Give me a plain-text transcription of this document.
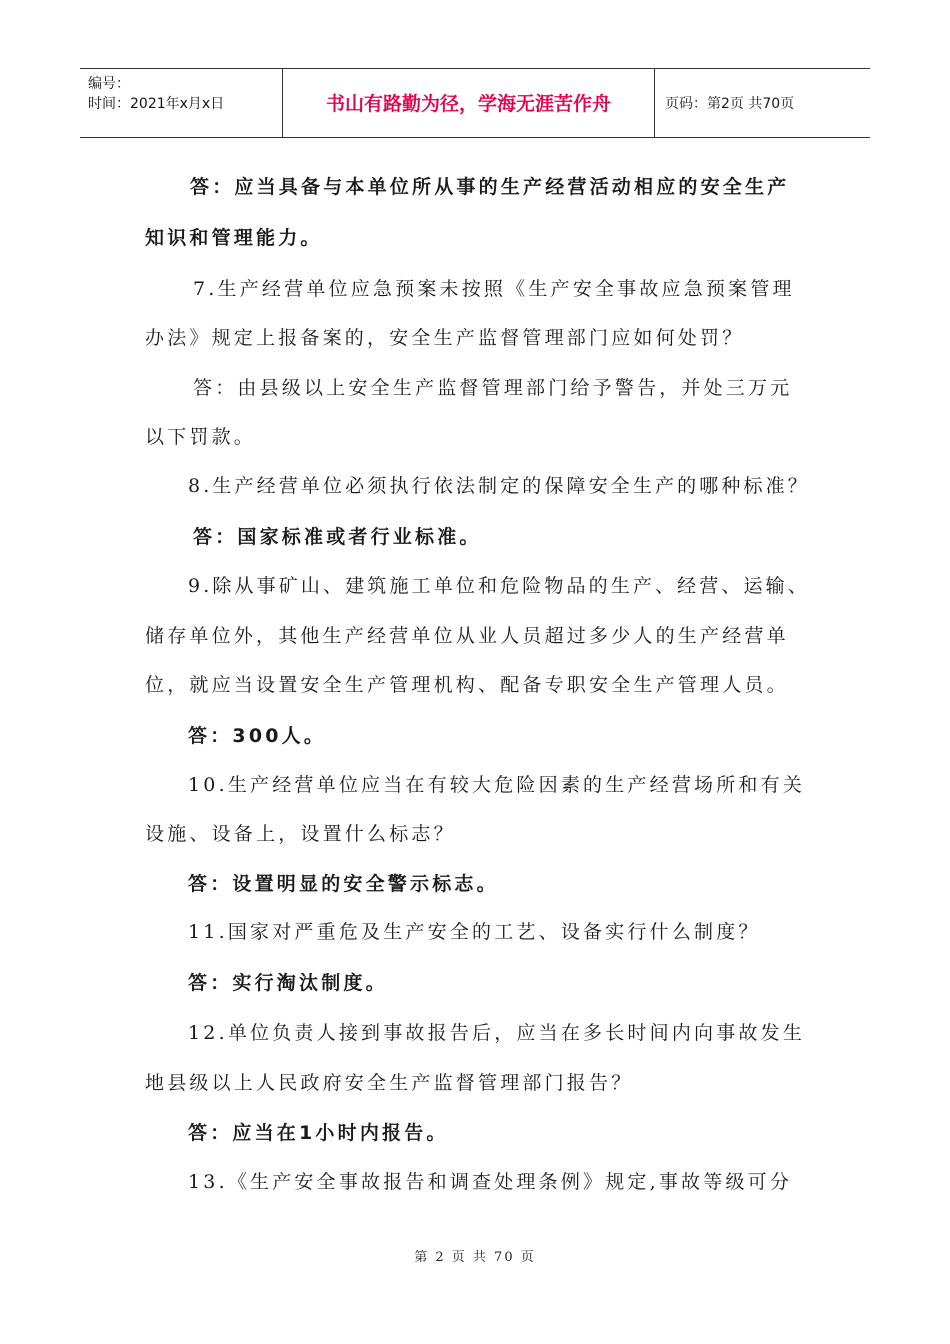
编号：
时间：2021年x月x日	书山有路勤为径，学海无涯苦作舟	页码：第2页 共70页
答：应当具备与本单位所从事的生产经营活动相应的安全生产
知识和管理能力。
7.生产经营单位应急预案未按照《生产安全事故应急预案管理
办法》规定上报备案的，安全生产监督管理部门应如何处罚？
答：由县级以上安全生产监督管理部门给予警告，并处三万元
以下罚款。
8.生产经营单位必须执行依法制定的保障安全生产的哪种标准？
答：国家标准或者行业标准。
9.除从事矿山、建筑施工单位和危险物品的生产、经营、运输、
储存单位外，其他生产经营单位从业人员超过多少人的生产经营单
位，就应当设置安全生产管理机构、配备专职安全生产管理人员。
答：300人。
10.生产经营单位应当在有较大危险因素的生产经营场所和有关
设施、设备上，设置什么标志？
答：设置明显的安全警示标志。
11.国家对严重危及生产安全的工艺、设备实行什么制度？
答：实行淘汰制度。
12.单位负责人接到事故报告后，应当在多长时间内向事故发生
地县级以上人民政府安全生产监督管理部门报告？
答：应当在1小时内报告。
13.《生产安全事故报告和调查处理条例》规定,事故等级可分
第 2 页 共 70 页
